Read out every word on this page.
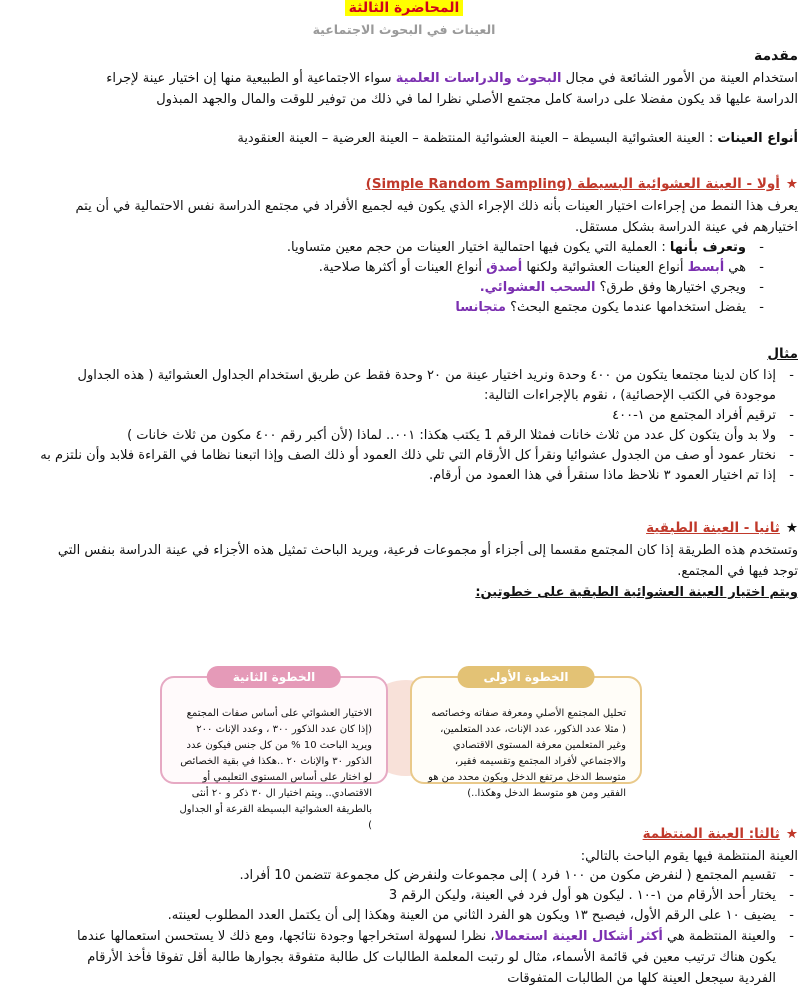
المحاضرة الثالثة
العينات في البحوث الاجتماعية
مقدمة
استخدام العينة من الأمور الشائعة في مجال البحوث والدراسات العلمية سواء الاجتماعية أو الطبيعية منها إن اختيار عينة لإجراء
الدراسة عليها قد يكون مفضلا على دراسة كامل مجتمع الأصلي نظرا لما في ذلك من توفير للوقت والمال والجهد المبذول
أنواع العينات : العينة العشوائية البسيطة – العينة العشوائية المنتظمة – العينة العرضية – العينة العنقودية
★أولا - العينة العشوائية البسيطة (Simple Random Sampling)
يعرف هذا النمط من إجراءات اختيار العينات بأنه ذلك الإجراء الذي يكون فيه لجميع الأفراد في مجتمع الدراسة نفس الاحتمالية في أن يتم
اختيارهم في عينة الدراسة بشكل مستقل.
- وتعرف بأنها : العملية التي يكون فيها احتمالية اختيار العينات من حجم معين متساويا.
- هي أبسط أنواع العينات العشوائية ولكنها أصدق أنواع العينات أو أكثرها صلاحية.
- ويجري اختيارها وفق طرق؟ السحب العشوائي.
- يفضل استخدامها عندما يكون مجتمع البحث؟ متجانسا
مثال
- إذا كان لدينا مجتمعا يتكون من ٤٠٠ وحدة ونريد اختيار عينة من ٢٠ وحدة فقط عن طريق استخدام الجداول العشوائية ( هذه الجداول
موجودة في الكتب الإحصائية) ، نقوم بالإجراءات التالية:
- ترقيم أفراد المجتمع من ١-٤٠٠
- ولا بد وأن يتكون كل عدد من ثلاث خانات فمثلا الرقم 1 يكتب هكذا: ٠٠١.. لماذا (لأن أكبر رقم ٤٠٠ مكون من ثلاث خانات )
- نختار عمود أو صف من الجدول عشوائيا ونقرأ كل الأرقام التي تلي ذلك العمود أو ذلك الصف وإذا اتبعنا نظاما في القراءة فلابد وأن نلتزم به
- إذا تم اختيار العمود ٣ نلاحظ ماذا سنقرأ في هذا العمود من أرقام.
★ثانيا - العينة الطبقية
وتستخدم هذه الطريقة إذا كان المجتمع مقسما إلى أجزاء أو مجموعات فرعية، ويريد الباحث تمثيل هذه الأجزاء في عينة الدراسة بنفس التي
توجد فيها في المجتمع.
ويتم اختيار العينة العشوائية الطبقية على خطوتين:
الخطوة الأولى
تحليل المجتمع الأصلي ومعرفة صفاته وخصائصه ( مثلا عدد الذكور، عدد الإناث، عدد المتعلمين، وغير المتعلمين معرفة المستوى الاقتصادي والاجتماعي لأفراد المجتمع وتقسيمه فقير، متوسط الدخل مرتفع الدخل ويكون محدد من هو الفقير ومن هو متوسط الدخل وهكذا..)
الخطوة الثانية
الاختيار العشوائي على أساس صفات المجتمع (إذا كان عدد الذكور ٣٠٠ ، وعدد الإناث ٢٠٠ ويريد الباحث 10 % من كل جنس فيكون عدد الذكور ٣٠ والإناث ٢٠ ..هكذا في بقية الخصائص لو اختار على أساس المستوى التعليمي أو الاقتصادي.. ويتم اختيار ال ٣٠ ذكر و ٢٠ أنثى بالطريقة العشوائية البسيطة القرعة أو الجداول )
★ثالثا: العينة المنتظمة
العينة المنتظمة فيها يقوم الباحث بالتالي:
- تقسيم المجتمع ( لنفرض مكون من ١٠٠ فرد ) إلى مجموعات ولنفرض كل مجموعة تتضمن 10 أفراد.
- يختار أحد الأرقام من ١-١٠ . ليكون هو أول فرد في العينة، وليكن الرقم 3
- يضيف ١٠ على الرقم الأول، فيصبح ١٣ ويكون هو الفرد الثاني من العينة وهكذا إلى أن يكتمل العدد المطلوب لعينته.
- والعينة المنتظمة هي أكثر أشكال العينة استعمالا، نظرا لسهولة استخراجها وجودة نتائجها، ومع ذلك لا يستحسن استعمالها عندما
يكون هناك ترتيب معين في قائمة الأسماء، مثال لو رتبت المعلمة الطالبات كل طالبة متفوقة بجوارها طالبة أقل تفوقا فأخذ الأرقام
الفردية سيجعل العينة كلها من الطالبات المتفوقات
